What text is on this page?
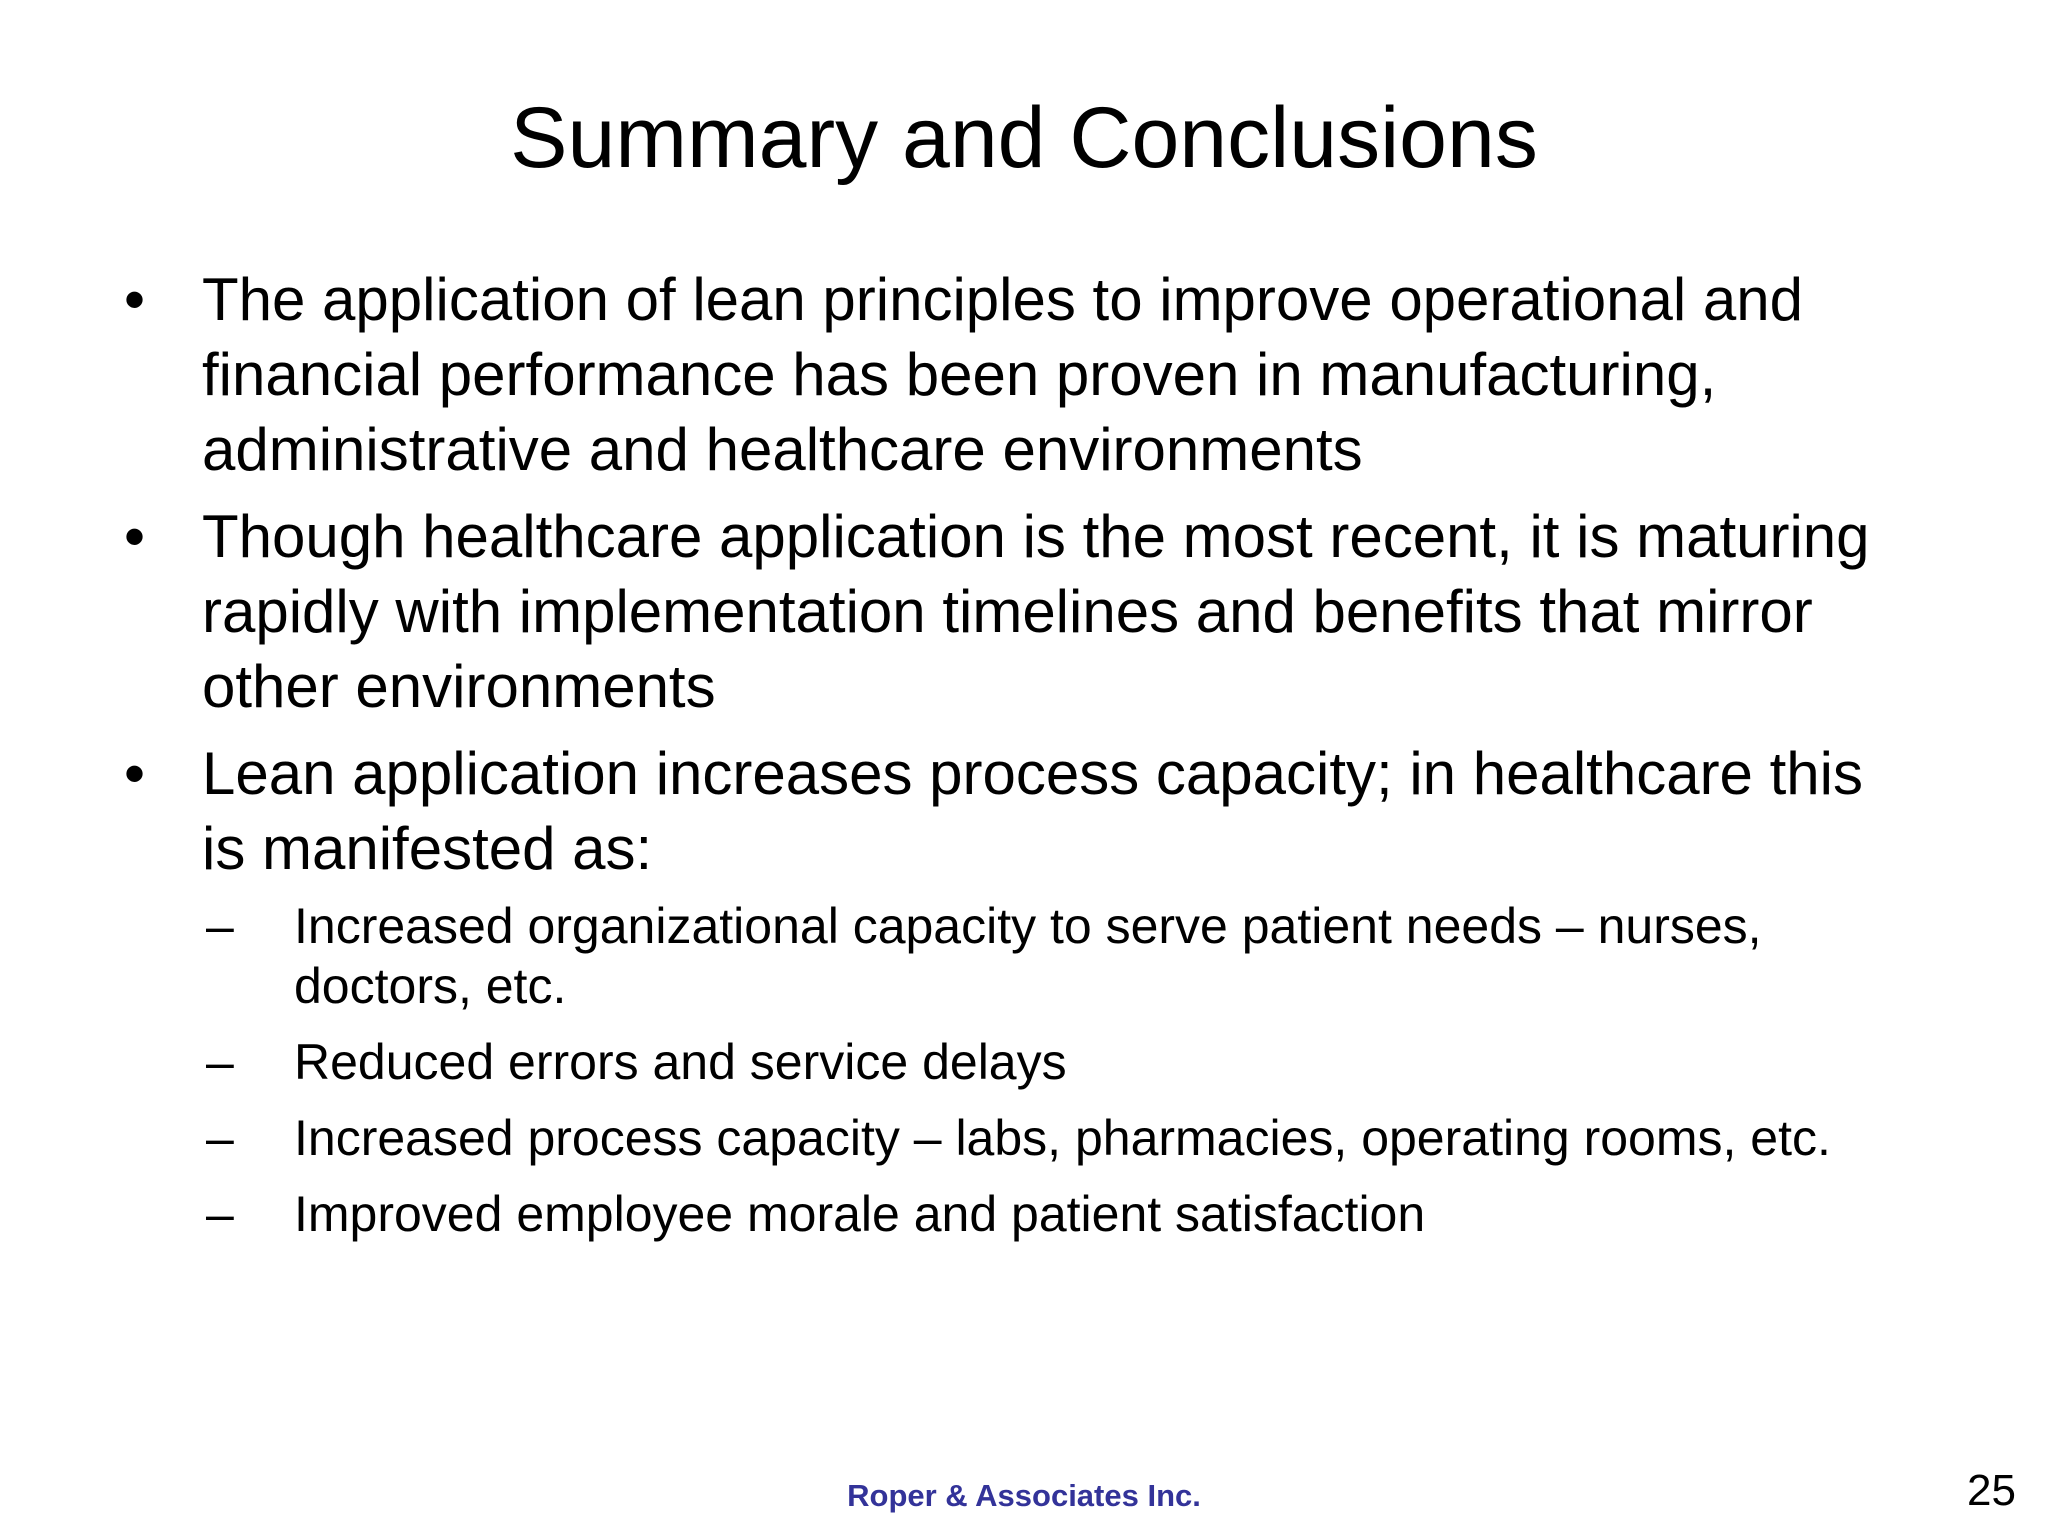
Summary and Conclusions
• The application of lean principles to improve operational and financial performance has been proven in manufacturing, administrative and healthcare environments
• Though healthcare application is the most recent, it is maturing rapidly with implementation timelines and benefits that mirror other environments
• Lean application increases process capacity; in healthcare this is manifested as:
– Increased organizational capacity to serve patient needs – nurses, doctors, etc.
– Reduced errors and service delays
– Increased process capacity – labs, pharmacies, operating rooms, etc.
– Improved employee morale and patient satisfaction
Roper & Associates Inc.	25
